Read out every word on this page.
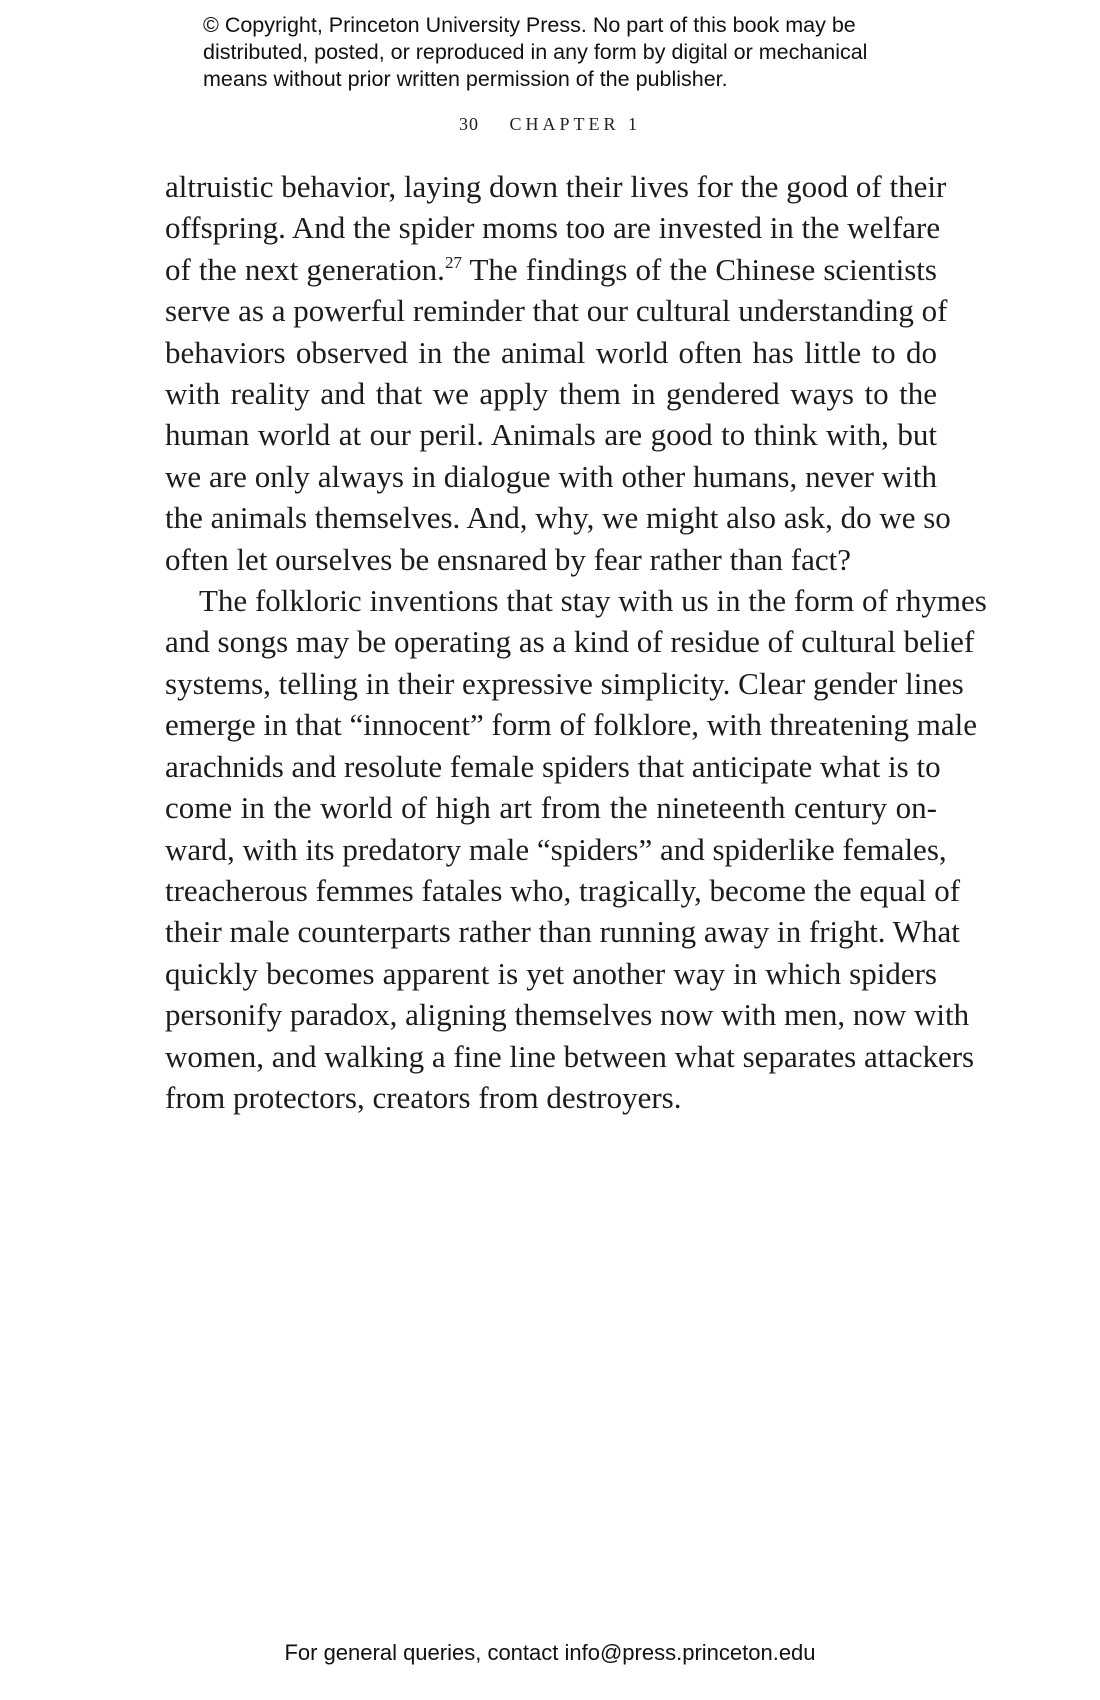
© Copyright, Princeton University Press. No part of this book may be
distributed, posted, or reproduced in any form by digital or mechanical
means without prior written permission of the publisher.
30 CHAPTER 1
altruistic behavior, laying down their lives for the good of their
offspring. And the spider moms too are invested in the welfare
of the next generation.$^{27}$ The findings of the Chinese scientists
serve as a powerful reminder that our cultural understanding of
behaviors observed in the animal world often has little to do
with reality and that we apply them in gendered ways to the
human world at our peril. Animals are good to think with, but
we are only always in dialogue with other humans, never with
the animals themselves. And, why, we might also ask, do we so
often let ourselves be ensnared by fear rather than fact?
The folkloric inventions that stay with us in the form of rhymes
and songs may be operating as a kind of residue of cultural belief
systems, telling in their expressive simplicity. Clear gender lines
emerge in that “innocent” form of folklore, with threatening male
arachnids and resolute female spiders that anticipate what is to
come in the world of high art from the nineteenth century on-
ward, with its predatory male “spiders” and spiderlike females,
treacherous femmes fatales who, tragically, become the equal of
their male counterparts rather than running away in fright. What
quickly becomes apparent is yet another way in which spiders
personify paradox, aligning themselves now with men, now with
women, and walking a fine line between what separates attackers
from protectors, creators from destroyers.
For general queries, contact info@press.princeton.edu
